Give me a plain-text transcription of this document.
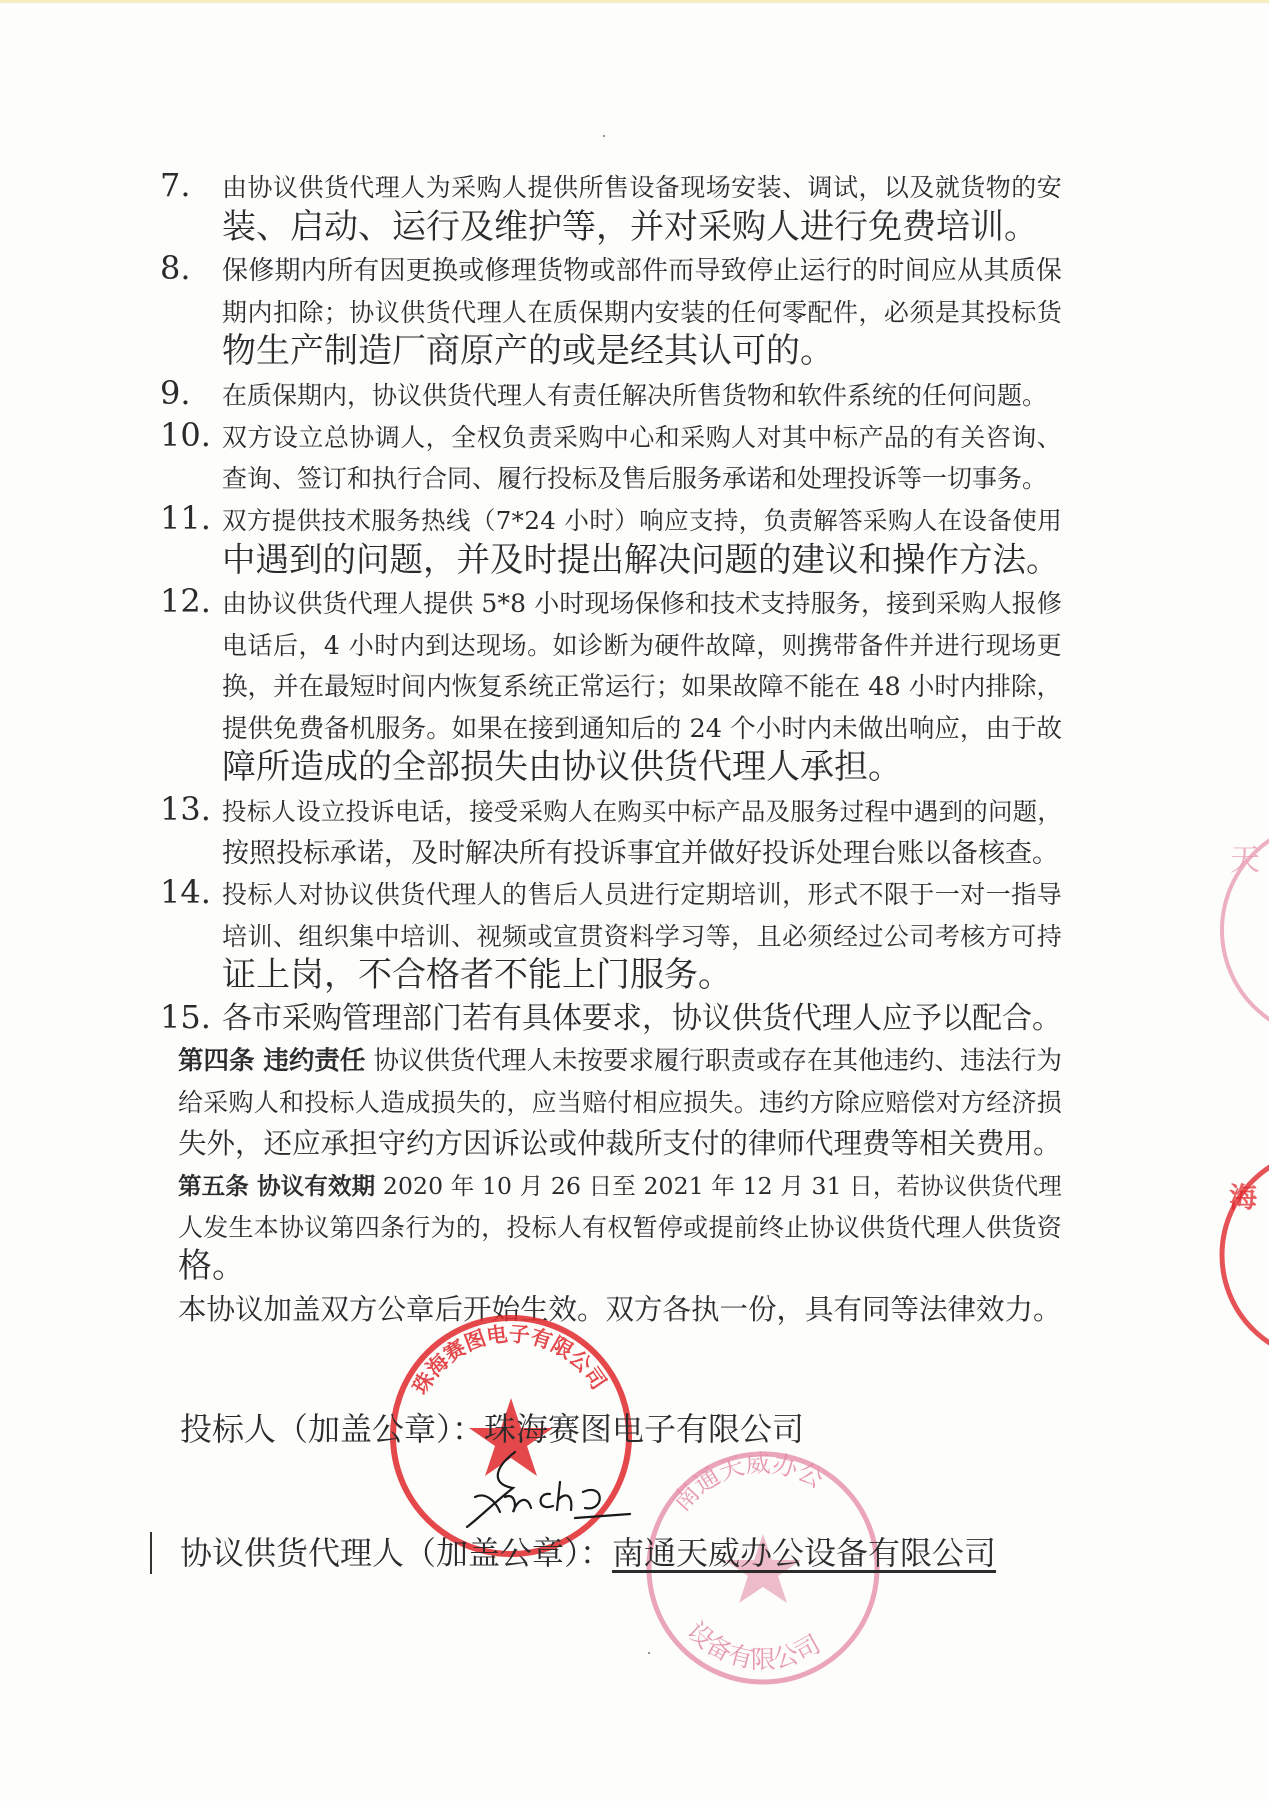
7. 由协议供货代理人为采购人提供所售设备现场安装、调试，以及就货物的安
装、启动、运行及维护等，并对采购人进行免费培训。
8. 保修期内所有因更换或修理货物或部件而导致停止运行的时间应从其质保
期内扣除；协议供货代理人在质保期内安装的任何零配件，必须是其投标货
物生产制造厂商原产的或是经其认可的。
9. 在质保期内，协议供货代理人有责任解决所售货物和软件系统的任何问题。
10. 双方设立总协调人，全权负责采购中心和采购人对其中标产品的有关咨询、
查询、签订和执行合同、履行投标及售后服务承诺和处理投诉等一切事务。
11. 双方提供技术服务热线（7*24 小时）响应支持，负责解答采购人在设备使用
中遇到的问题，并及时提出解决问题的建议和操作方法。
12. 由协议供货代理人提供 5*8 小时现场保修和技术支持服务，接到采购人报修
电话后，4 小时内到达现场。如诊断为硬件故障，则携带备件并进行现场更
换，并在最短时间内恢复系统正常运行；如果故障不能在 48 小时内排除，
提供免费备机服务。如果在接到通知后的 24 个小时内未做出响应，由于故
障所造成的全部损失由协议供货代理人承担。
13. 投标人设立投诉电话，接受采购人在购买中标产品及服务过程中遇到的问题，
按照投标承诺，及时解决所有投诉事宜并做好投诉处理台账以备核查。
14. 投标人对协议供货代理人的售后人员进行定期培训，形式不限于一对一指导
培训、组织集中培训、视频或宣贯资料学习等，且必须经过公司考核方可持
证上岗，不合格者不能上门服务。
15. 各市采购管理部门若有具体要求，协议供货代理人应予以配合。
第四条 违约责任 协议供货代理人未按要求履行职责或存在其他违约、违法行为
给采购人和投标人造成损失的，应当赔付相应损失。违约方除应赔偿对方经济损
失外，还应承担守约方因诉讼或仲裁所支付的律师代理费等相关费用。
第五条 协议有效期 2020 年 10 月 26 日至 2021 年 12 月 31 日，若协议供货代理
人发生本协议第四条行为的，投标人有权暂停或提前终止协议供货代理人供货资
格。
本协议加盖双方公章后开始生效。双方各执一份，具有同等法律效力。
珠海赛图电子有限公司
南通天威办公
设备有限公司
天
海
投标人（加盖公章）：珠海赛图电子有限公司
协议供货代理人（加盖公章）：南通天威办公设备有限公司
